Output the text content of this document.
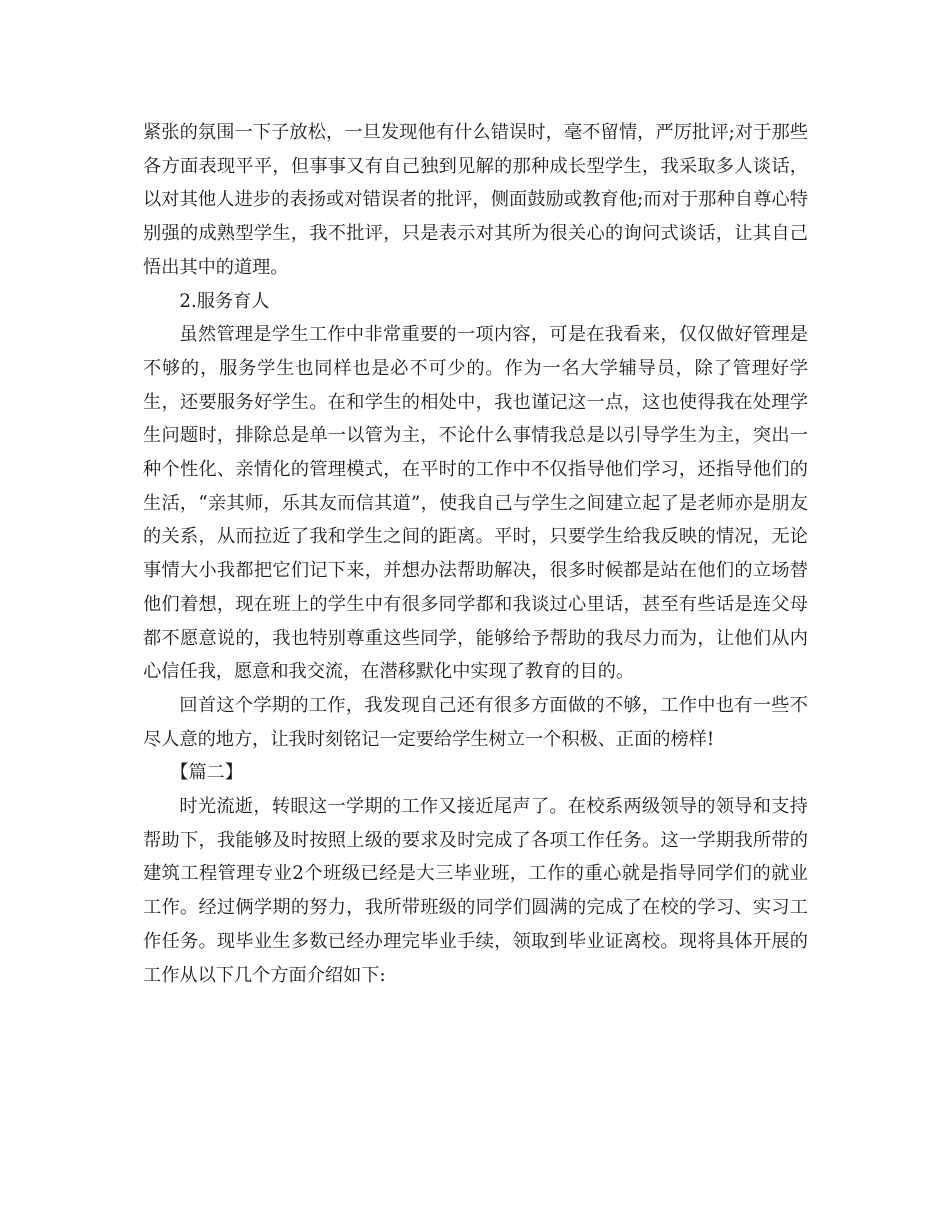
紧张的氛围一下子放松，一旦发现他有什么错误时，毫不留情，严厉批评;对于那些各方面表现平平，但事事又有自己独到见解的那种成长型学生，我采取多人谈话，以对其他人进步的表扬或对错误者的批评，侧面鼓励或教育他;而对于那种自尊心特别强的成熟型学生，我不批评，只是表示对其所为很关心的询问式谈话，让其自己悟出其中的道理。

2.服务育人

虽然管理是学生工作中非常重要的一项内容，可是在我看来，仅仅做好管理是不够的，服务学生也同样也是必不可少的。作为一名大学辅导员，除了管理好学生，还要服务好学生。在和学生的相处中，我也谨记这一点，这也使得我在处理学生问题时，排除总是单一以管为主，不论什么事情我总是以引导学生为主，突出一种个性化、亲情化的管理模式，在平时的工作中不仅指导他们学习，还指导他们的生活，“亲其师，乐其友而信其道”，使我自己与学生之间建立起了是老师亦是朋友的关系，从而拉近了我和学生之间的距离。平时，只要学生给我反映的情况，无论事情大小我都把它们记下来，并想办法帮助解决，很多时候都是站在他们的立场替他们着想，现在班上的学生中有很多同学都和我谈过心里话，甚至有些话是连父母都不愿意说的，我也特别尊重这些同学，能够给予帮助的我尽力而为，让他们从内心信任我，愿意和我交流，在潜移默化中实现了教育的目的。

回首这个学期的工作，我发现自己还有很多方面做的不够，工作中也有一些不尽人意的地方，让我时刻铭记一定要给学生树立一个积极、正面的榜样!

【篇二】

时光流逝，转眼这一学期的工作又接近尾声了。在校系两级领导的领导和支持帮助下，我能够及时按照上级的要求及时完成了各项工作任务。这一学期我所带的建筑工程管理专业2个班级已经是大三毕业班，工作的重心就是指导同学们的就业工作。经过俩学期的努力，我所带班级的同学们圆满的完成了在校的学习、实习工作任务。现毕业生多数已经办理完毕业手续，领取到毕业证离校。现将具体开展的工作从以下几个方面介绍如下:
